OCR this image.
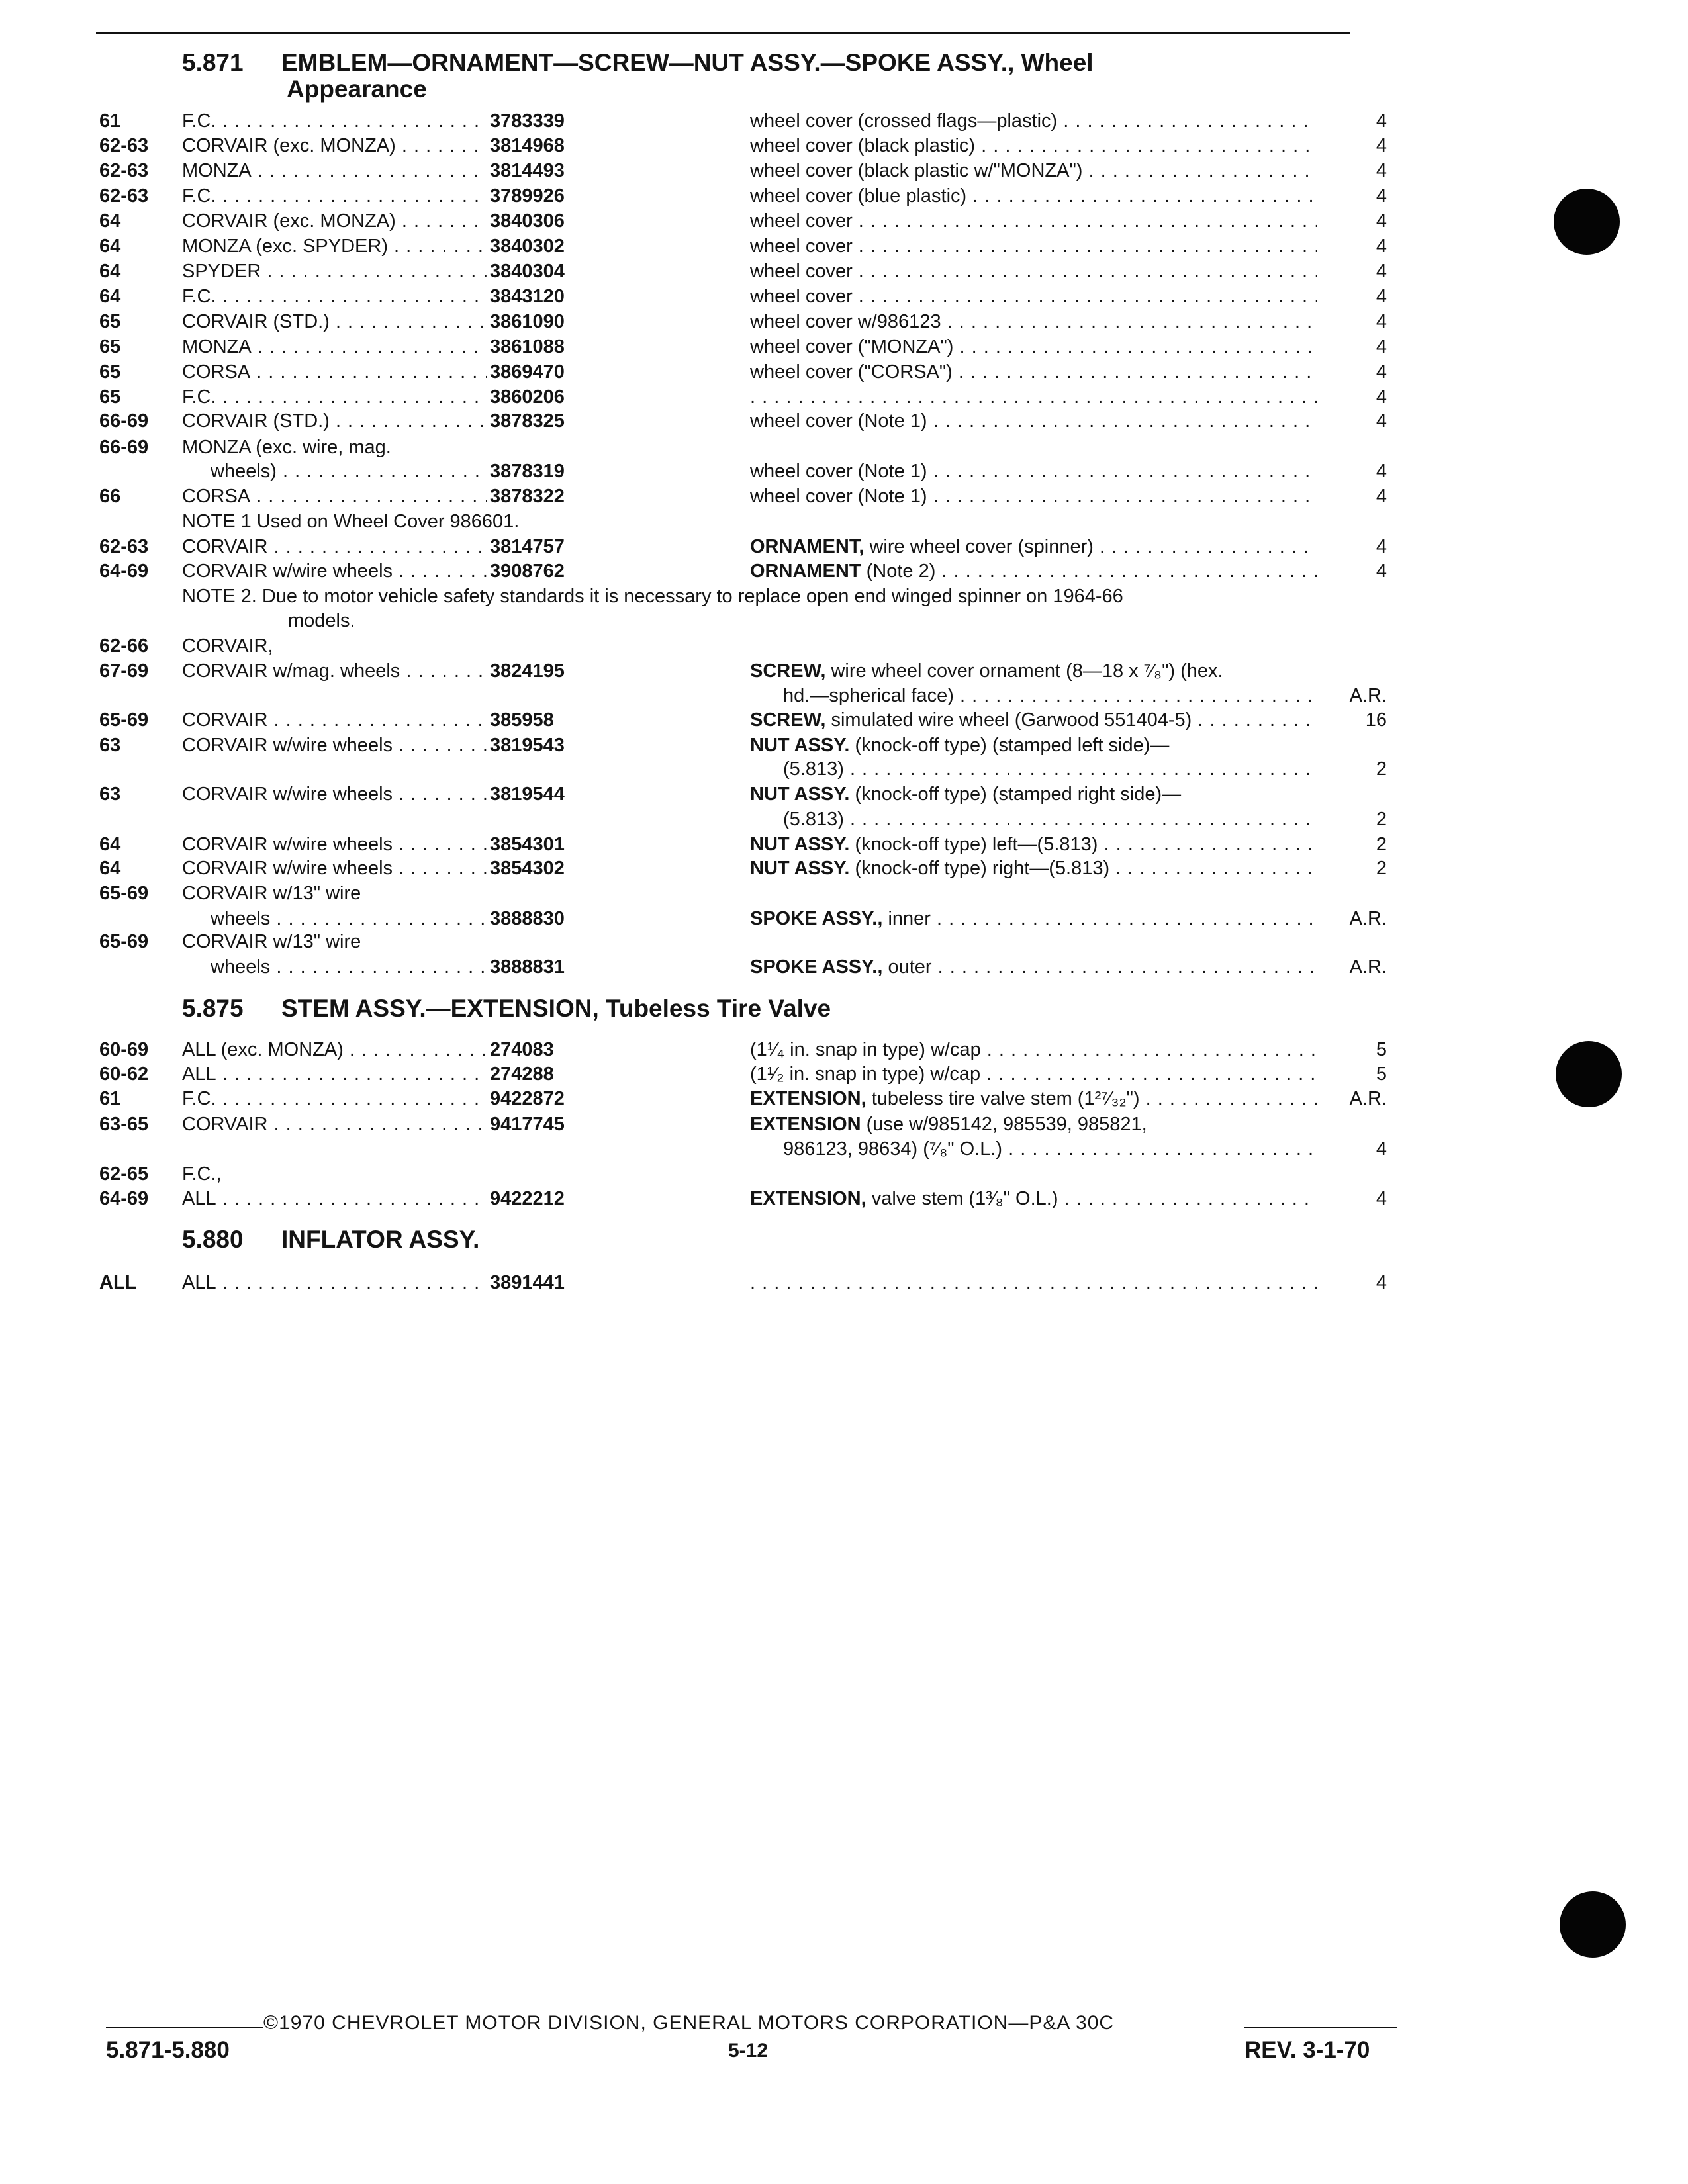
5.871 EMBLEM—ORNAMENT—SCREW—NUT ASSY.—SPOKE ASSY., Wheel
Appearance
5.875 STEM ASSY.—EXTENSION, Tubeless Tire Valve
5.880 INFLATOR ASSY.
61	F.C. . . .	3783339	wheel cover (crossed flags—plastic) . . .	4
62-63 CORVAIR (exc. MONZA) . . .	3814968	wheel cover (black plastic) . . .	4
62-63 MONZA . . .	3814493	wheel cover (black plastic w/"MONZA") . . .	4
62-63 F.C. . . .	3789926	wheel cover (blue plastic) . . .	4
64	CORVAIR (exc. MONZA) . . .	3840306	wheel cover . . .	4
64	MONZA (exc. SPYDER) . . .	3840302	wheel cover . . .	4
64	SPYDER . . .	3840304	wheel cover . . .	4
64	F.C. . . .	3843120	wheel cover . . .	4
65	CORVAIR (STD.) . . .	3861090	wheel cover w/986123 . . .	4
65	MONZA . . .	3861088	wheel cover ("MONZA") . . .	4
65	CORSA . . .	3869470	wheel cover ("CORSA") . . .	4
65	F.C. . . .	3860206 . . .	4
66-69 CORVAIR (STD.) . . .	3878325	wheel cover (Note 1) . . .	4
66-69 MONZA (exc. wire, mag.
wheels) . . .	3878319	wheel cover (Note 1) . . .	4
66	CORSA . . .	3878322	wheel cover (Note 1) . . .	4
NOTE 1 Used on Wheel Cover 986601.
62-63 CORVAIR . . .	3814757	ORNAMENT, wire wheel cover (spinner) . . .	4
64-69 CORVAIR w/wire wheels . . .	3908762	ORNAMENT (Note 2) . . .	4
NOTE 2. Due to motor vehicle safety standards it is necessary to replace open end winged spinner on 1964-66
models.
62-66 CORVAIR,
67-69 CORVAIR w/mag. wheels . . .	3824195	SCREW, wire wheel cover ornament (8—18 x ⁷⁄₈") (hex.
hd.—spherical face) . . .	A.R.
65-69 CORVAIR . . .	385958	SCREW, simulated wire wheel (Garwood 551404-5) . . .	16
63	CORVAIR w/wire wheels . . .	3819543	NUT ASSY. (knock-off type) (stamped left side)—
(5.813) . . .	2
63	CORVAIR w/wire wheels . . .	3819544	NUT ASSY. (knock-off type) (stamped right side)—
(5.813) . . .	2
64	CORVAIR w/wire wheels . . .	3854301	NUT ASSY. (knock-off type) left—(5.813) . . .	2
64	CORVAIR w/wire wheels . . .	3854302	NUT ASSY. (knock-off type) right—(5.813) . . .	2
65-69 CORVAIR w/13" wire
wheels . . .	3888830	SPOKE ASSY., inner . . .	A.R.
65-69 CORVAIR w/13" wire
wheels . . .	3888831	SPOKE ASSY., outer . . .	A.R.
60-69 ALL (exc. MONZA) . . .	274083	(1¹⁄₄ in. snap in type) w/cap . . .	5
60-62 ALL . . .	274288	(1¹⁄₂ in. snap in type) w/cap . . .	5
61	F.C. . . .	9422872	EXTENSION, tubeless tire valve stem (1²⁷⁄₃₂") . . .	A.R.
63-65 CORVAIR . . .	9417745	EXTENSION (use w/985142, 985539, 985821,
986123, 98634) (⁷⁄₈" O.L.) . . .	4
62-65 F.C.,
64-69 ALL . . .	9422212	EXTENSION, valve stem (1³⁄₈" O.L.) . . .	4
ALL ALL . . .	3891441 . . .	4
©1970 CHEVROLET MOTOR DIVISION, GENERAL MOTORS CORPORATION—P&A 30C
5.871-5.880	5-12	REV. 3-1-70
